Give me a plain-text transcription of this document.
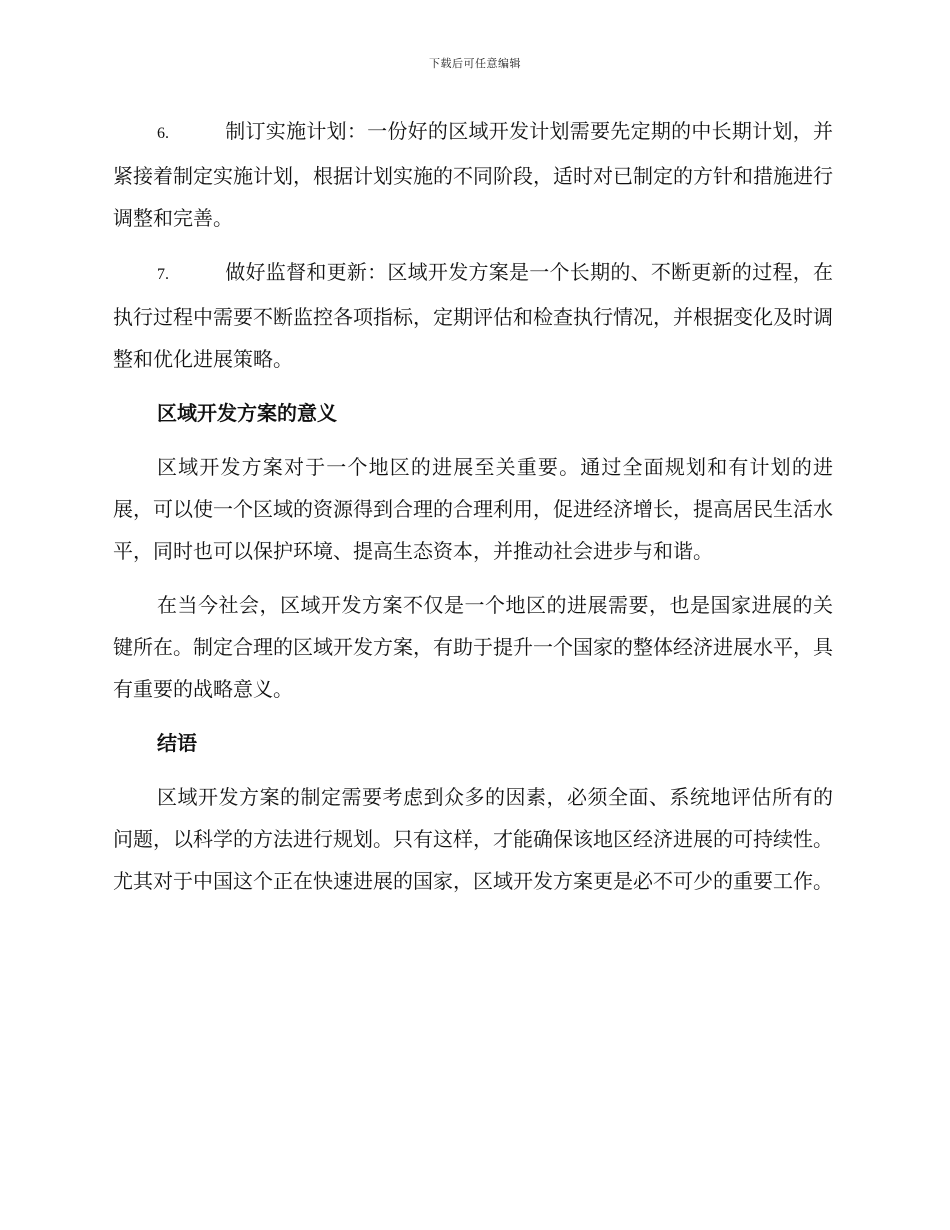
下载后可任意编辑

6.	制订实施计划：一份好的区域开发计划需要先定期的中长期计划，并紧接着制定实施计划，根据计划实施的不同阶段，适时对已制定的方针和措施进行调整和完善。

7.	做好监督和更新：区域开发方案是一个长期的、不断更新的过程，在执行过程中需要不断监控各项指标，定期评估和检查执行情况，并根据变化及时调整和优化进展策略。

区域开发方案的意义

区域开发方案对于一个地区的进展至关重要。通过全面规划和有计划的进展，可以使一个区域的资源得到合理的合理利用，促进经济增长，提高居民生活水平，同时也可以保护环境、提高生态资本，并推动社会进步与和谐。

在当今社会，区域开发方案不仅是一个地区的进展需要，也是国家进展的关键所在。制定合理的区域开发方案，有助于提升一个国家的整体经济进展水平，具有重要的战略意义。

结语

区域开发方案的制定需要考虑到众多的因素，必须全面、系统地评估所有的问题，以科学的方法进行规划。只有这样，才能确保该地区经济进展的可持续性。尤其对于中国这个正在快速进展的国家，区域开发方案更是必不可少的重要工作。
